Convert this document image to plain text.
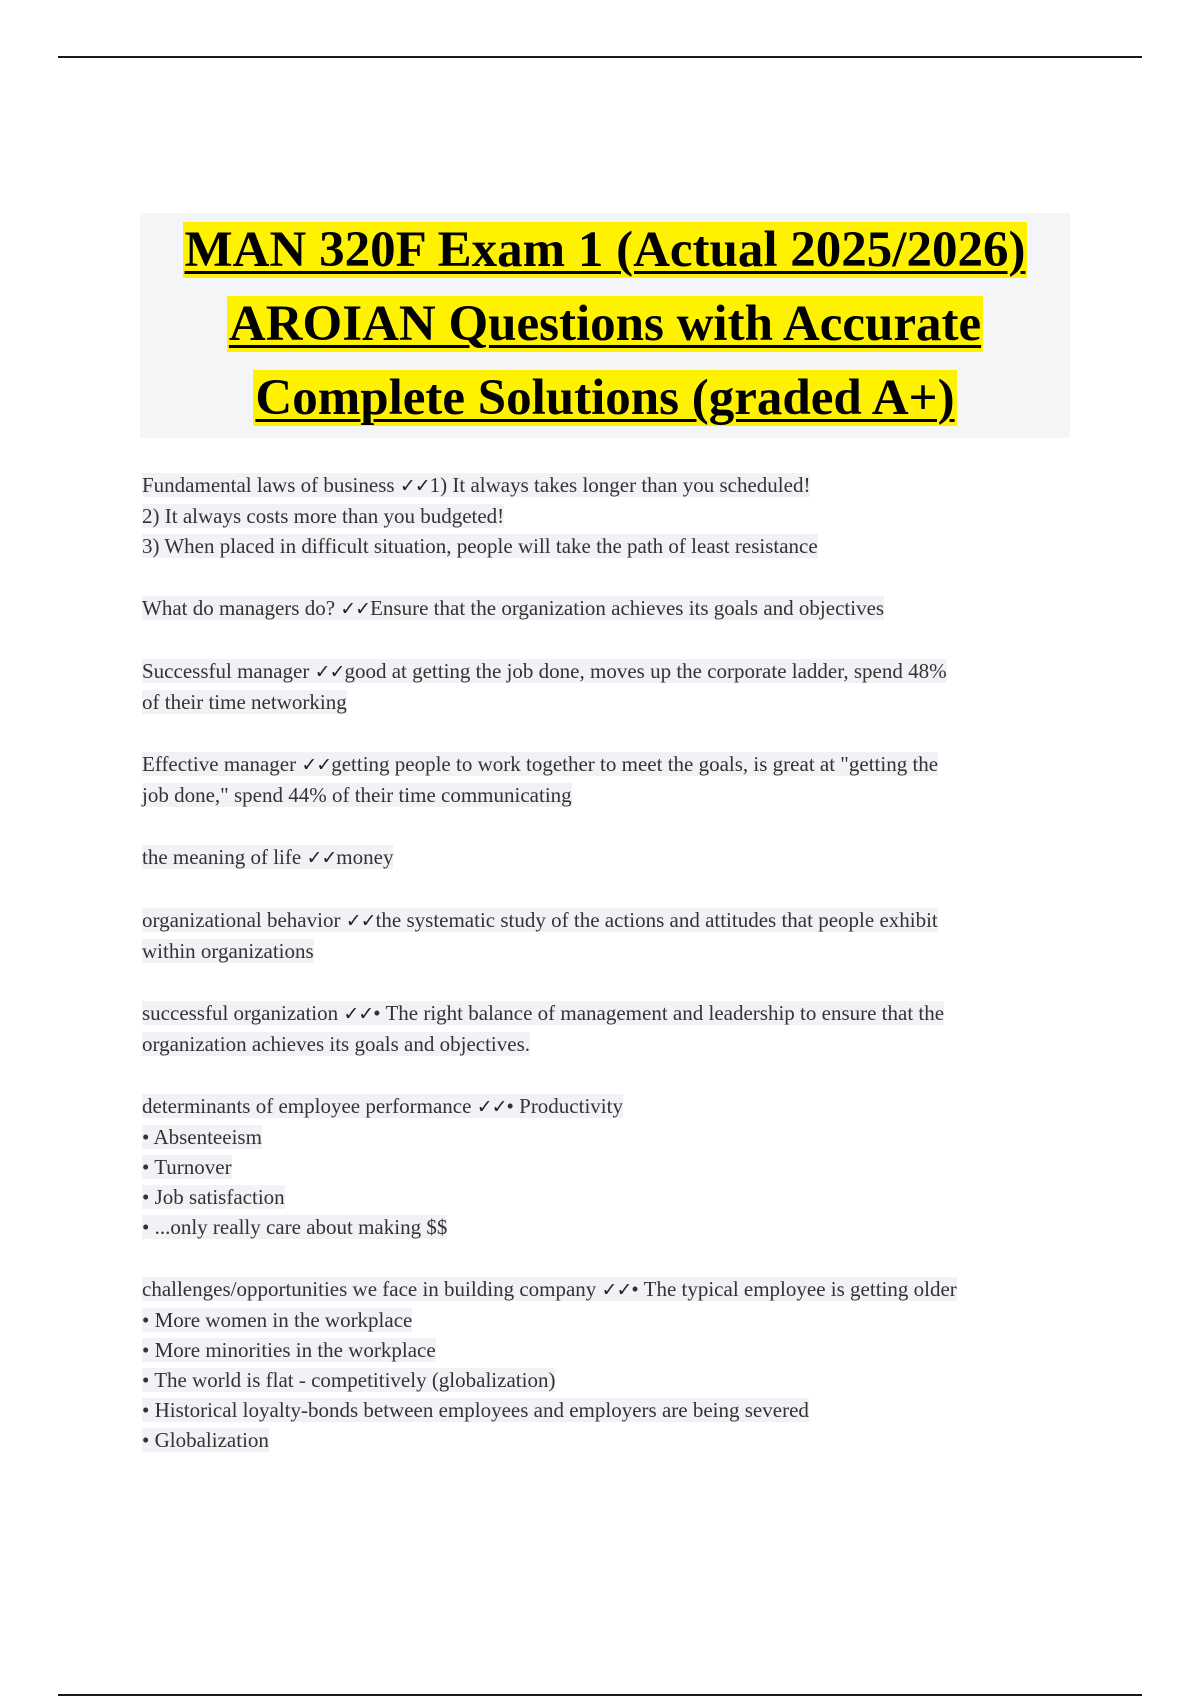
MAN 320F Exam 1 (Actual 2025/2026)
AROIAN Questions with Accurate
Complete Solutions (graded A+)
Fundamental laws of business ✓✓1) It always takes longer than you scheduled!
2) It always costs more than you budgeted!
3) When placed in difficult situation, people will take the path of least resistance
What do managers do? ✓✓Ensure that the organization achieves its goals and objectives
Successful manager ✓✓good at getting the job done, moves up the corporate ladder, spend 48%
of their time networking
Effective manager ✓✓getting people to work together to meet the goals, is great at "getting the
job done," spend 44% of their time communicating
the meaning of life ✓✓money
organizational behavior ✓✓the systematic study of the actions and attitudes that people exhibit
within organizations
successful organization ✓✓• The right balance of management and leadership to ensure that the
organization achieves its goals and objectives.
determinants of employee performance ✓✓• Productivity
• Absenteeism
• Turnover
• Job satisfaction
• ...only really care about making $$
challenges/opportunities we face in building company ✓✓• The typical employee is getting older
• More women in the workplace
• More minorities in the workplace
• The world is flat - competitively (globalization)
• Historical loyalty-bonds between employees and employers are being severed
• Globalization
